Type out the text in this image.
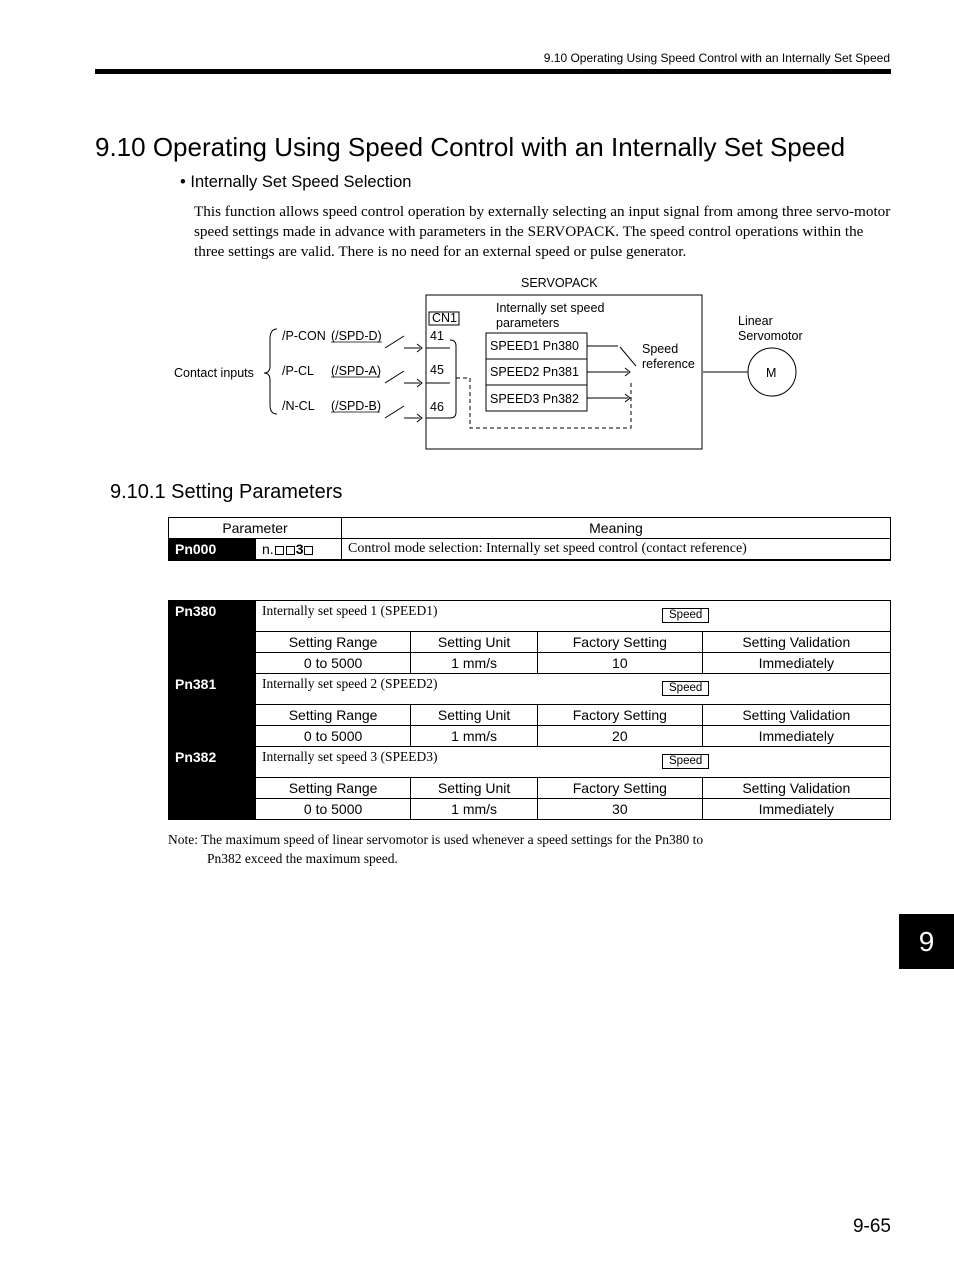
9.10 Operating Using Speed Control with an Internally Set Speed
9.10 Operating Using Speed Control with an Internally Set Speed
• Internally Set Speed Selection
This function allows speed control operation by externally selecting an input signal from among three servo-motor speed settings made in advance with parameters in the SERVOPACK. The speed control operations within the three settings are valid. There is no need for an external speed or pulse generator.
SERVOPACK
CN1
Internally set speed
parameters
Contact inputs
/P-CON (/SPD-D)
/P-CL (/SPD-A)
/N-CL (/SPD-B)
41
45
46
SPEED1 Pn380
SPEED2 Pn381
SPEED3 Pn382
Speed
reference
Linear
Servomotor
M
9.10.1 Setting Parameters
Parameter		Meaning
Pn000	n. 3	Control mode selection: Internally set speed control (contact reference)
Pn380	Internally set speed 1 (SPEED1) Speed			

	Setting Range	Setting Unit	Factory Setting	Setting Validation
	0 to 5000	1 mm/s	10	Immediately
Pn381	Internally set speed 2 (SPEED2) Speed			

	Setting Range	Setting Unit	Factory Setting	Setting Validation
	0 to 5000	1 mm/s	20	Immediately
Pn382	Internally set speed 3 (SPEED3) Speed			

	Setting Range	Setting Unit	Factory Setting	Setting Validation
	0 to 5000	1 mm/s	30	Immediately
Note: The maximum speed of linear servomotor is used whenever a speed settings for the Pn380 to
Pn382 exceed the maximum speed.
9
9-65
